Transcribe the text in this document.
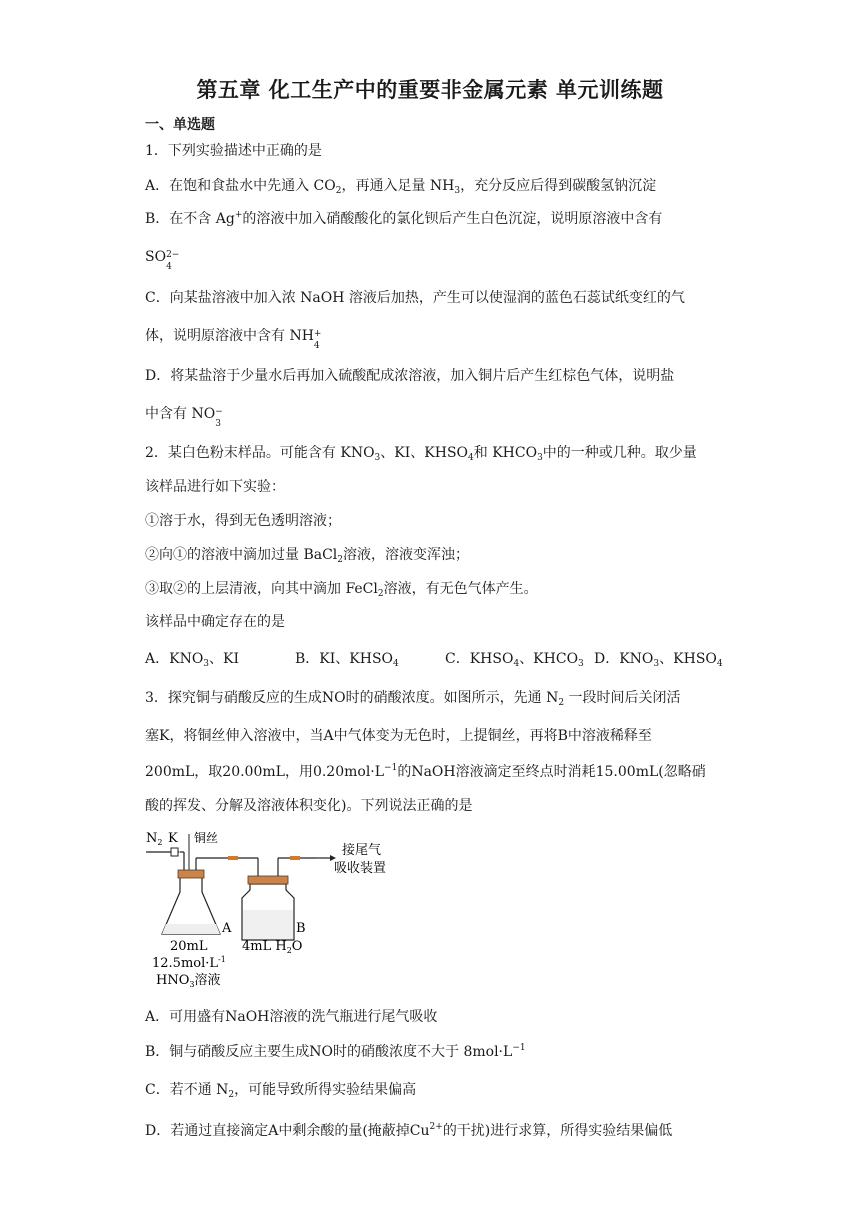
第五章 化工生产中的重要非金属元素 单元训练题
一、单选题
1．下列实验描述中正确的是
A．在饱和食盐水中先通入 $CO_2$，再通入足量 $NH_3$，充分反应后得到碳酸氢钠沉淀
B．在不含 Ag+的溶液中加入硝酸酸化的氯化钡后产生白色沉淀，说明原溶液中含有
SO 2−
4
C．向某盐溶液中加入浓 NaOH 溶液后加热，产生可以使湿润的蓝色石蕊试纸变红的气
体，说明原溶液中含有 NH +
4
D．将某盐溶于少量水后再加入硫酸配成浓溶液，加入铜片后产生红棕色气体，说明盐
中含有 NO −
3
2．某白色粉末样品。可能含有 $KNO_3$、KI、$KHSO_4$和 $KHCO_3$中的一种或几种。取少量
该样品进行如下实验：
①溶于水，得到无色透明溶液；
②向①的溶液中滴加过量 BaCl$_2$溶液，溶液变浑浊；
③取②的上层清液，向其中滴加 FeCl$_2$溶液，有无色气体产生。
该样品中确定存在的是
A．$KNO_3$、KI	B．KI、$KHSO_4$	C．$KHSO_4$、$KHCO_3$ D．$KNO_3$、$KHSO_4$
3．探究铜与硝酸反应的生成NO时的硝酸浓度。如图所示，先通 $N_2$ 一段时间后关闭活
塞K，将铜丝伸入溶液中，当A中气体变为无色时，上提铜丝，再将B中溶液稀释至
200mL，取20.00mL，用$0.20mol\cdot L^{-1}$的NaOH溶液滴定至终点时消耗15.00mL(忽略硝
酸的挥发、分解及溶液体积变化)。下列说法正确的是
$N_2$ K 铜丝
A	B
接尾气
吸收装置
20mL
$12.5mol\cdot L^{-1}$
$HNO_3$溶液
4mL $H_2O$
A．可用盛有NaOH溶液的洗气瓶进行尾气吸收
B．铜与硝酸反应主要生成NO时的硝酸浓度不大于 $8mol\cdot L^{-1}$
C．若不通 $N_2$，可能导致所得实验结果偏高
D．若通过直接滴定A中剩余酸的量(掩蔽掉$Cu^{2+}$的干扰)进行求算，所得实验结果偏低
